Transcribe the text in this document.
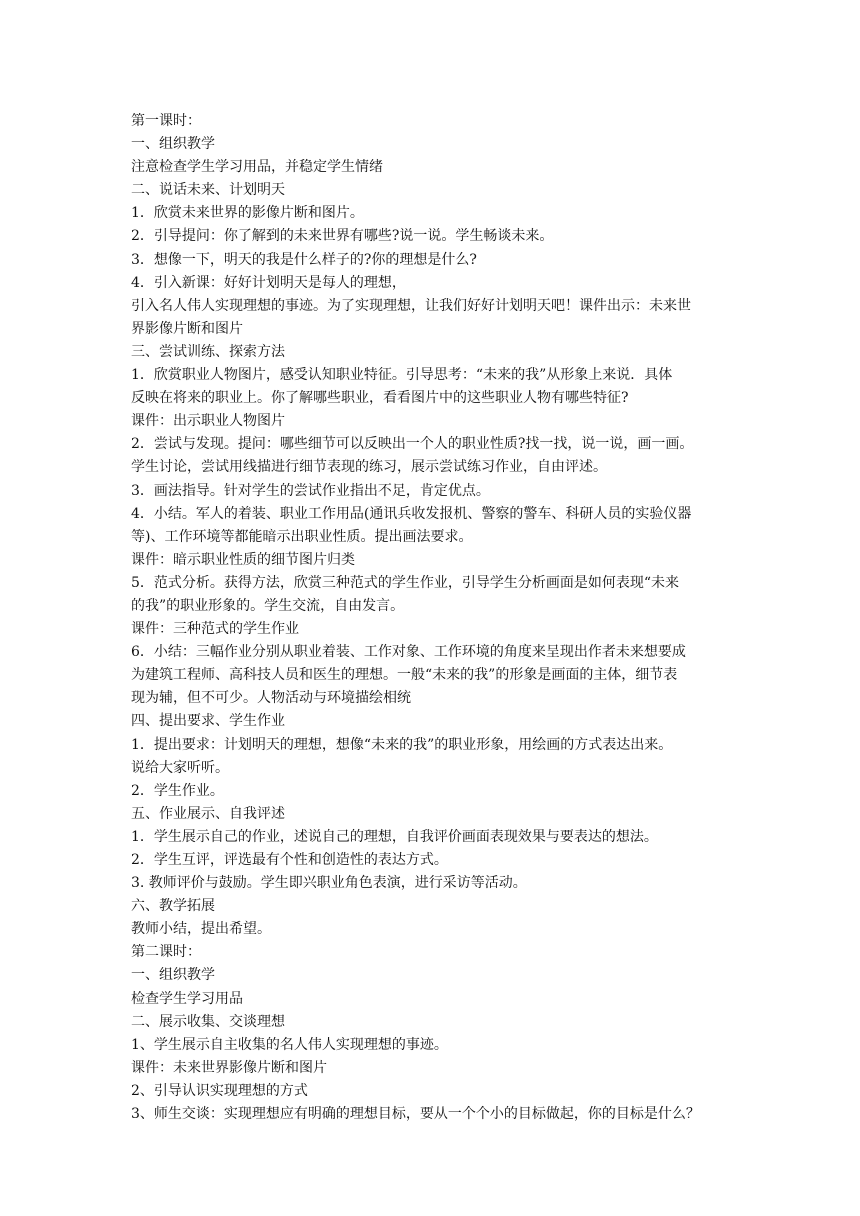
第一课时：
一、组织教学
注意检查学生学习用品，并稳定学生情绪
二、说话未来、计划明天
1．欣赏未来世界的影像片断和图片。
2．引导提问：你了解到的未来世界有哪些?说一说。学生畅谈未来。
3．想像一下，明天的我是什么样子的?你的理想是什么?
4．引入新课：好好计划明天是每人的理想，
引入名人伟人实现理想的事迹。为了实现理想，让我们好好计划明天吧！课件出示：未来世
界影像片断和图片
三、尝试训练、探索方法
1．欣赏职业人物图片，感受认知职业特征。引导思考：“未来的我”从形象上来说．具体
反映在将来的职业上。你了解哪些职业，看看图片中的这些职业人物有哪些特征?
课件：出示职业人物图片
2．尝试与发现。提问：哪些细节可以反映出一个人的职业性质?找一找，说一说，画一画。
学生讨论，尝试用线描进行细节表现的练习，展示尝试练习作业，自由评述。
3．画法指导。针对学生的尝试作业指出不足，肯定优点。
4．小结。军人的着装、职业工作用品(通讯兵收发报机、警察的警车、科研人员的实验仪器
等)、工作环境等都能暗示出职业性质。提出画法要求。
课件：暗示职业性质的细节图片归类
5．范式分析。获得方法，欣赏三种范式的学生作业，引导学生分析画面是如何表现“未来
的我”的职业形象的。学生交流，自由发言。
课件：三种范式的学生作业
6．小结：三幅作业分别从职业着装、工作对象、工作环境的角度来呈现出作者未来想要成
为建筑工程师、高科技人员和医生的理想。一般“未来的我”的形象是画面的主体，细节表
现为辅，但不可少。人物活动与环境描绘相统
四、提出要求、学生作业
1．提出要求：计划明天的理想，想像“未来的我”的职业形象，用绘画的方式表达出来。
说给大家听听。
2．学生作业。
五、作业展示、自我评述
1．学生展示自己的作业，述说自己的理想，自我评价画面表现效果与要表达的想法。
2．学生互评，评选最有个性和创造性的表达方式。
3. 教师评价与鼓励。学生即兴职业角色表演，进行采访等活动。
六、教学拓展
教师小结，提出希望。
第二课时：
一、组织教学
检查学生学习用品
二、展示收集、交谈理想
1、学生展示自主收集的名人伟人实现理想的事迹。
课件：未来世界影像片断和图片
2、引导认识实现理想的方式
3、师生交谈：实现理想应有明确的理想目标，要从一个个小的目标做起，你的目标是什么？
